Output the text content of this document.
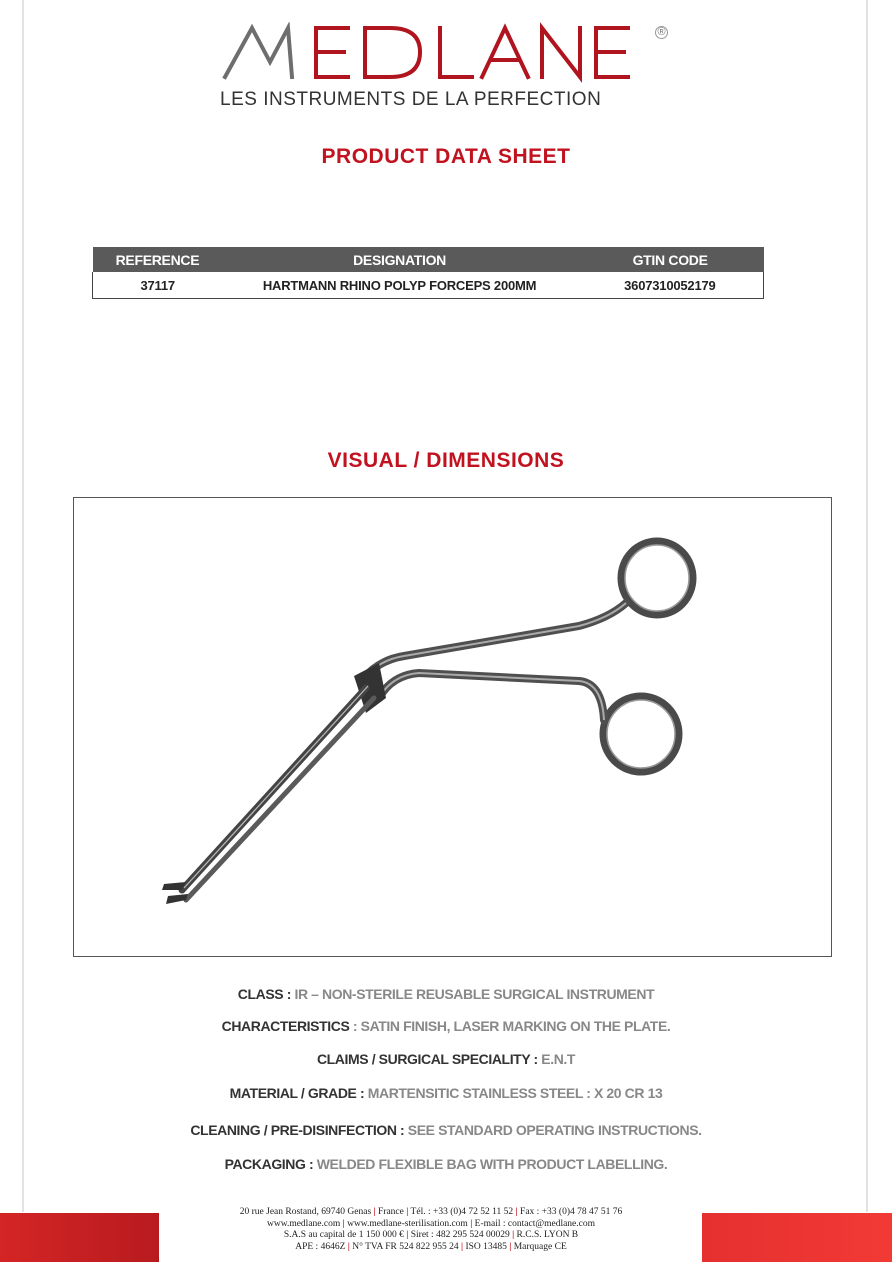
®
LES INSTRUMENTS DE LA PERFECTION
PRODUCT DATA SHEET
REFERENCE	DESIGNATION	GTIN CODE
37117	HARTMANN RHINO POLYP FORCEPS 200MM	3607310052179
VISUAL / DIMENSIONS
CLASS : IR – NON-STERILE REUSABLE SURGICAL INSTRUMENT
CHARACTERISTICS : SATIN FINISH, LASER MARKING ON THE PLATE.
CLAIMS / SURGICAL SPECIALITY : E.N.T
MATERIAL / GRADE : MARTENSITIC STAINLESS STEEL : X 20 CR 13
CLEANING / PRE-DISINFECTION : SEE STANDARD OPERATING INSTRUCTIONS.
PACKAGING : WELDED FLEXIBLE BAG WITH PRODUCT LABELLING.
20 rue Jean Rostand, 69740 Genas | France | Tél. : +33 (0)4 72 52 11 52 | Fax : +33 (0)4 78 47 51 76
www.medlane.com | www.medlane-sterilisation.com | E-mail : contact@medlane.com
S.A.S au capital de 1 150 000 € | Siret : 482 295 524 00029 | R.C.S. LYON B
APE : 4646Z | N° TVA FR 524 822 955 24 | ISO 13485 | Marquage CE
